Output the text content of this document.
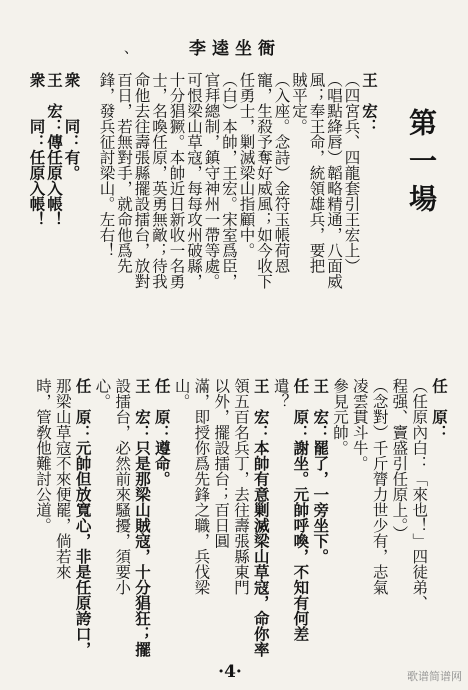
、	李逵坐衙
第一場
王　宏：
（四宮兵、四龍套引王宏上）
（唱點絳唇）韜略精通，八面威
風；奉王命，統領雄兵，要把
賊平定。
（入座。念詩）金符玉帳荷恩
寵，生殺予奪好威風；如今收下
任勇士，剿滅梁山指顧中。
（白）本帥，王宏。宋室爲臣，
官拜總制，鎮守神州一帶等處。
可恨梁山草寇，每每攻州破縣，
十分猖獗。本帥近日新收一名勇
士，名喚任原，英勇無敵；待我
命他去往壽張縣擺設擂台，放對
百日，若無對手，就命他爲先
鋒，發兵征討梁山。左右！
衆　　同：有。
王　宏：傳任原入帳！
衆　　同：任原入帳！
任　原：
（任原內白：「來也！」四徒弟、
程强、竇盛引任原上。）
（念對）千斤膂力世少有，志氣
凌雲貫斗牛。
參見元帥。
王　宏：罷了，一旁坐下。
任　原：謝坐。元帥呼喚，不知有何差
遣？
王　宏：本帥有意剿滅梁山草寇，命你率
領五百名兵丁，去往壽張縣東門
以外，擺設擂台；百日圓
滿，即授你爲先鋒之職，兵伐梁
山。
任　原：遵命。
王　宏：只是那梁山賊寇，十分猖狂；擺
設擂台，必然前來騷擾，須要小
心。
任　原：元帥但放寬心，非是任原誇口，
那梁山草寇不來便罷，倘若來
時，管敎他難討公道。
·4·	歌谱简谱网
